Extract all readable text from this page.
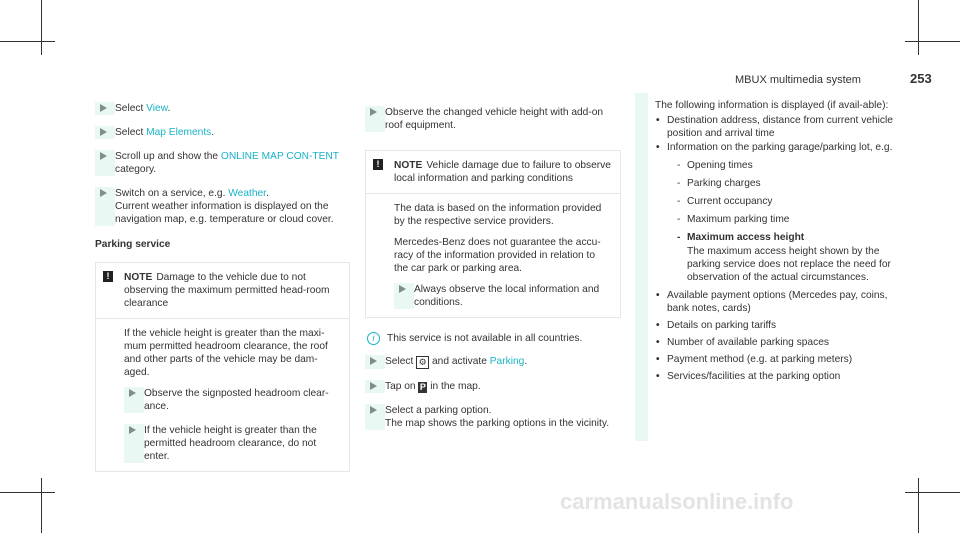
MBUX multimedia system	253
Select View.
Select Map Elements.
Scroll up and show the ONLINE MAP CON-TENT category.
Switch on a service, e.g. Weather.
Current weather information is displayed on the navigation map, e.g. temperature or cloud cover.
Parking service
!	NOTE Damage to the vehicle due to not observing the maximum permitted head-room clearance

If the vehicle height is greater than the maxi-mum permitted headroom clearance, the roof and other parts of the vehicle may be dam-aged.

Observe the signposted headroom clear-ance.
If the vehicle height is greater than the permitted headroom clearance, do not enter.
Observe the changed vehicle height with add-on roof equipment.
!	NOTE Vehicle damage due to failure to observe local information and parking conditions

The data is based on the information provided by the respective service providers.

Mercedes-Benz does not guarantee the accu-racy of the information provided in relation to the car park or parking area.

Always observe the local information and conditions.
i	This service is not available in all countries.
Select ⚙ and activate Parking.
Tap on P in the map.
Select a parking option.
The map shows the parking options in the vicinity.

The following information is displayed (if avail-able):

• Destination address, distance from current vehicle position and arrival time
• Information on the parking garage/parking lot, e.g.
- Opening times
- Parking charges
- Current occupancy
- Maximum parking time
- Maximum access height
The maximum access height shown by the parking service does not replace the need for observation of the actual circumstances.
• Available payment options (Mercedes pay, coins, bank notes, cards)
• Details on parking tariffs
• Number of available parking spaces
• Payment method (e.g. at parking meters)
• Services/facilities at the parking option
carmanualsonline.info
